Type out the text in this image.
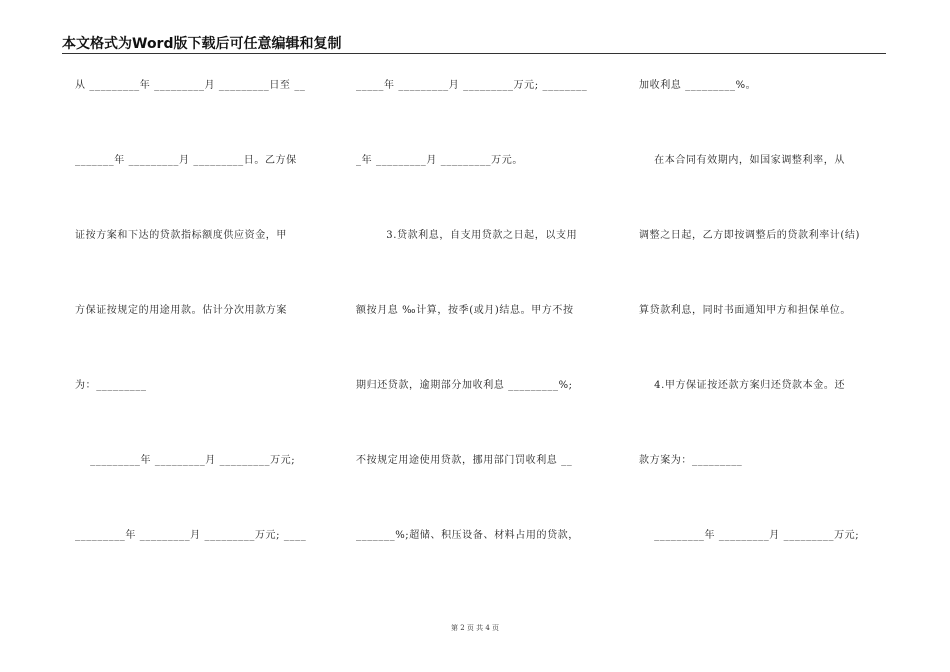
本文格式为Word版下载后可任意编辑和复制
从 _________年 _________月 _________日至 __
_______年 _________月 _________日。乙方保
证按方案和下达的贷款指标额度供应资金，甲
方保证按规定的用途用款。估计分次用款方案
为：_________
_________年 _________月 _________万元;
_________年 _________月 _________万元; ____
_____年 _________月 _________万元; ________
_年 _________月 _________万元。
3.贷款利息，自支用贷款之日起，以支用
额按月息 ‰计算，按季(或月)结息。甲方不按
期归还贷款，逾期部分加收利息 _________%;
不按规定用途使用贷款，挪用部门罚收利息 __
_______%;超储、积压设备、材料占用的贷款，
加收利息 _________%。
在本合同有效期内，如国家调整利率，从
调整之日起，乙方即按调整后的贷款利率计(结)
算贷款利息，同时书面通知甲方和担保单位。
4.甲方保证按还款方案归还贷款本金。还
款方案为：_________
_________年 _________月 _________万元;
第 2 页 共 4 页
